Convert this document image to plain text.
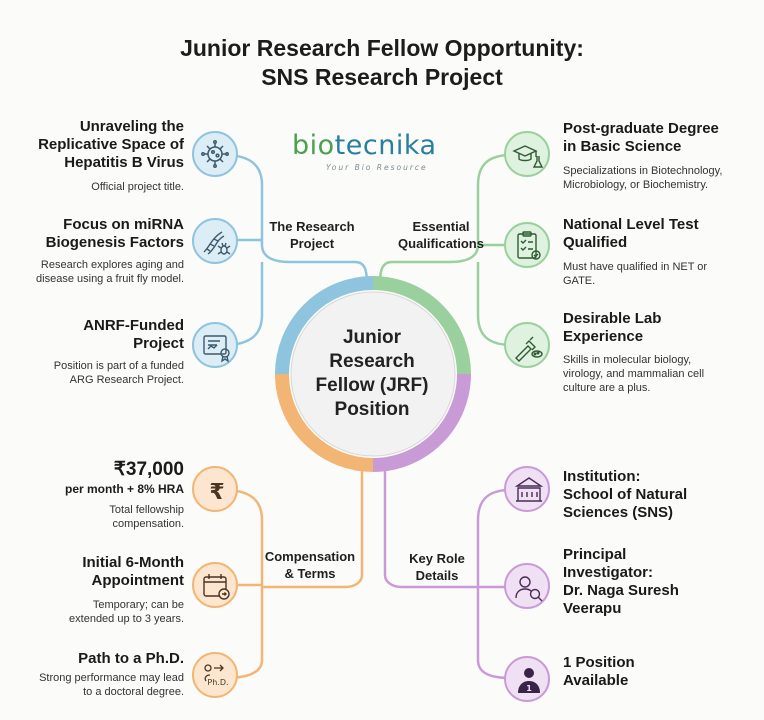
Junior Research Fellow Opportunity:
SNS Research Project
biotecnika
Your Bio Resource
Junior
Research
Fellow (JRF)
Position
The Research
Project
Essential
Qualifications
Compensation
& Terms
Key Role
Details
Unraveling the
Replicative Space of
Hepatitis B Virus
Official project title.
Focus on miRNA
Biogenesis Factors
Research explores aging and
disease using a fruit fly model.
ANRF-Funded
Project
Position is part of a funded
ARG Research Project.
Post-graduate Degree
in Basic Science
Specializations in Biotechnology,
Microbiology, or Biochemistry.
National Level Test
Qualified
Must have qualified in NET or
GATE.
Desirable Lab
Experience
Skills in molecular biology,
virology, and mammalian cell
culture are a plus.
₹37,000
per month + 8% HRA
Total fellowship
compensation.
₹
Initial 6-Month
Appointment
Temporary; can be
extended up to 3 years.
Path to a Ph.D.
Strong performance may lead
to a doctoral degree.
Ph.D.
Institution:
School of Natural
Sciences (SNS)
Principal
Investigator:
Dr. Naga Suresh
Veerapu
1
1 Position
Available
